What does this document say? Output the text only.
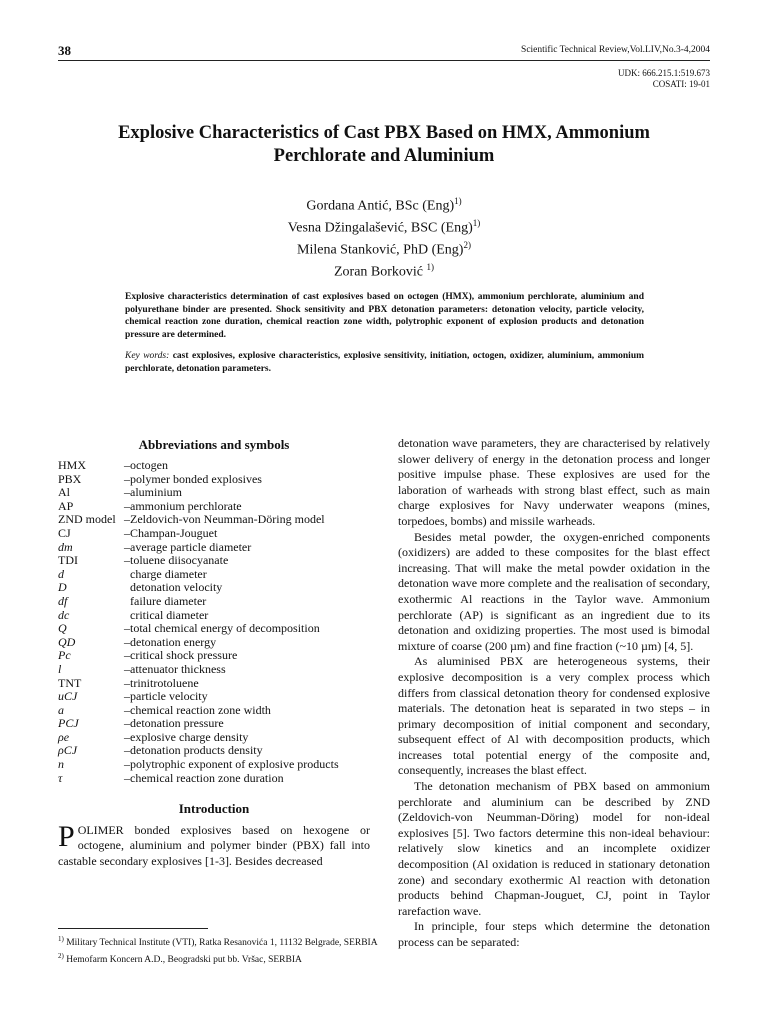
38	Scientific Technical Review,Vol.LIV,No.3-4,2004
UDK: 666.215.1:519.673
COSATI: 19-01
Explosive Characteristics of Cast PBX Based on HMX, Ammonium
Perchlorate and Aluminium
Gordana Antić, BSc (Eng)$^{1)}$
Vesna Džingalašević, BSC (Eng)$^{1)}$
Milena Stanković, PhD (Eng)$^{2)}$
Zoran Borković $^{1)}$
Explosive characteristics determination of cast explosives based on octogen (HMX), ammonium perchlorate, aluminium and polyurethane binder are presented. Shock sensitivity and PBX detonation parameters: detonation velocity, particle velocity, chemical reaction zone duration, chemical reaction zone width, polytrophic exponent of explosion products and detonation pressure are determined.
Key words: cast explosives, explosive characteristics, explosive sensitivity, initiation, octogen, oxidizer, aluminium, ammonium perchlorate, detonation parameters.
Abbreviations and symbols
HMX	–octogen
PBX	–polymer bonded explosives
Al	–aluminium
AP	–ammonium perchlorate
ZND model	–Zeldovich-von Neumman-Döring model
CJ	–Champan-Jouguet
dm	–average particle diameter
TDI	–toluene diisocyanate
d	charge diameter
D	detonation velocity
df	failure diameter
dc	critical diameter
Q	–total chemical energy of decomposition
QD	–detonation energy
Pc	–critical shock pressure
l	–attenuator thickness
TNT	–trinitrotoluene
uCJ	–particle velocity
a	–chemical reaction zone width
PCJ	–detonation pressure
ρe	–explosive charge density
ρCJ	–detonation products density
n	–polytrophic exponent of explosive products
τ	–chemical reaction zone duration
Introduction
POLIMER bonded explosives based on hexogene or octogene, aluminium and polymer binder (PBX) fall into castable secondary explosives [1-3]. Besides decreased

detonation wave parameters, they are characterised by relatively slower delivery of energy in the detonation process and longer positive impulse phase. These explosives are used for the laboration of warheads with strong blast effect, such as main charge explosives for Navy underwater weapons (mines, torpedoes, bombs) and missile warheads.

Besides metal powder, the oxygen-enriched components (oxidizers) are added to these composites for the blast effect increasing. That will make the metal powder oxidation in the detonation wave more complete and the realisation of secondary, exothermic Al reactions in the Taylor wave. Ammonium perchlorate (AP) is significant as an ingredient due to its detonation and oxidizing properties. The most used is bimodal mixture of coarse (200 µm) and fine fraction (~10 µm) [4, 5].

As aluminised PBX are heterogeneous systems, their explosive decomposition is a very complex process which differs from classical detonation theory for condensed explosive materials. The detonation heat is separated in two steps – in primary decomposition of initial component and secondary, subsequent effect of Al with decomposition products, which increases total potential energy of the composite and, consequently, increases the blast effect.

The detonation mechanism of PBX based on ammonium perchlorate and aluminium can be described by ZND (Zeldovich-von Neumman-Döring) model for non-ideal explosives [5]. Two factors determine this non-ideal behaviour: relatively slow kinetics and an incomplete oxidizer decomposition (Al oxidation is reduced in stationary detonation zone) and secondary exothermic Al reaction with detonation products behind Chapman-Jouguet, CJ, point in Taylor rarefaction wave.

In principle, four steps which determine the detonation process can be separated:

$^{1)}$ Military Technical Institute (VTI), Ratka Resanovića 1, 11132 Belgrade, SERBIA
$^{2)}$ Hemofarm Koncern A.D., Beogradski put bb. Vršac, SERBIA
